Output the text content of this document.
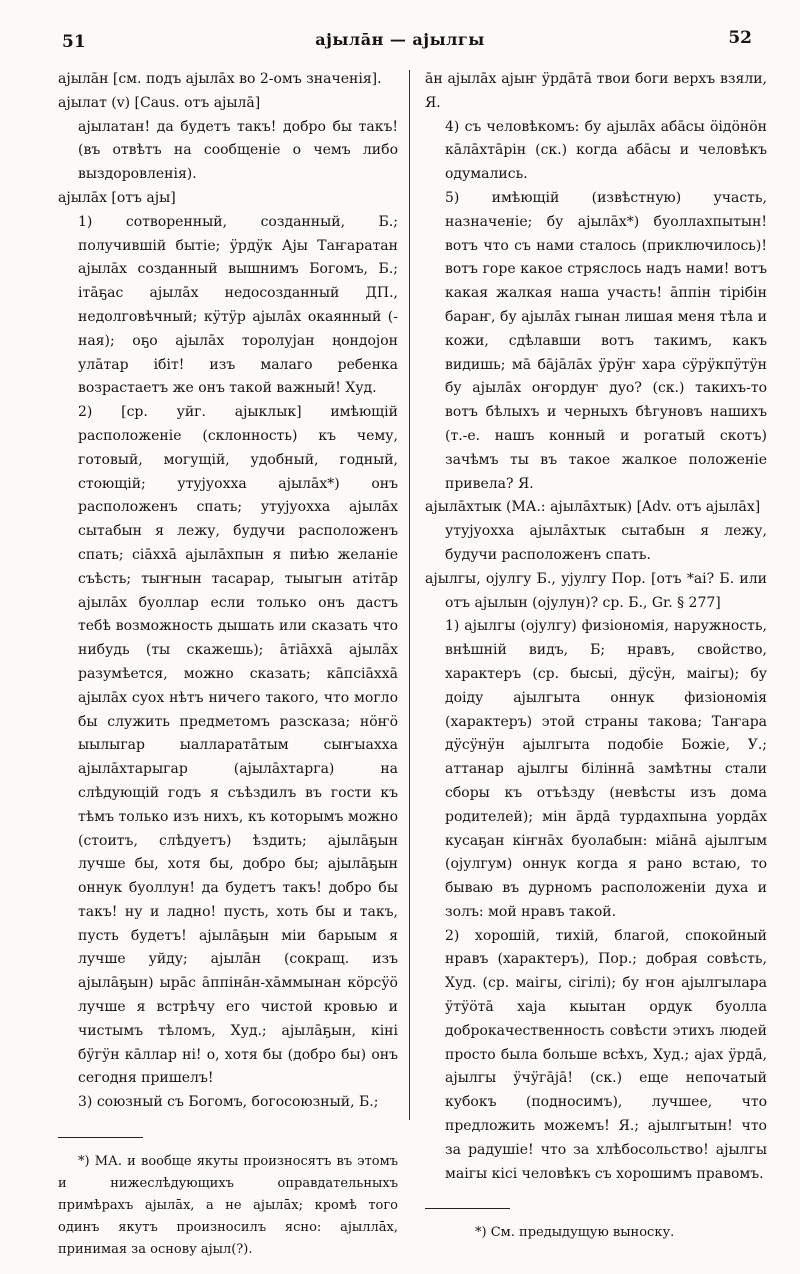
51	ајылāн — ајылгы	52

ајылāн [см. подъ ајылāх во 2-омъ значенія].

ајылат (v) [Caus. отъ ајылā]

ајылатан! да будетъ такъ! добро бы такъ! (въ отвѣтъ на сообщеніе о чемъ либо выздоровленія).

ајылāх [отъ ајы]

1) сотворенный, созданный, Б.; получившій бытіе; ӱрдӱк Ајы Таҥаратан ајылāх созданный вышнимъ Богомъ, Б.; ітāҕас ајылāх недосозданный ДП., недолговѣчный; кӱтӱр ајылāх окаянный (-ная); оҕо ајылāх торолујан ңондојон улāтар ібіт! изъ малаго ребенка возрастаетъ же онъ такой важный! Худ.

2) [ср. уйг. ајыклык] имѣющій расположеніе (склонность) къ чему, готовый, могущій, удобный, годный, стоющій; утујуохха ајылāх*) онъ расположенъ спать; утујуохха ајылāх сытабын я лежу, будучи расположенъ спать; сіāххā ајылāхпын я пиѣю желаніе съѣсть; тыҥнын тасарар, тыыгын атітāр ајылāх буоллар если только онъ дастъ тебѣ возможность дышать или сказать что нибудь (ты скажешь); āтіāххā ајылāх разумѣется, можно сказать; кāпсіāххā ајылāх суох нѣтъ ничего такого, что могло бы служить предметомъ разсказа; нӧҥӧ ыылыгар ыалларатāтым сыҥыаххa ајылāхтарыгар (ајылāхтарга) на слѣдующій годъ я съѣздилъ въ гости къ тѣмъ только изъ нихъ, къ которымъ можно (стоитъ, слѣдуетъ) ѣздить; ајылāҕын лучше бы, хотя бы, добро бы; ајылāҕын оннук буоллун! да будетъ такъ! добро бы такъ! ну и ладно! пусть, хоть бы и такъ, пусть будетъ! ајылāҕын міи барыым я лучше уйду; ајылāн (сокращ. изъ ајылāҕын) ырāс āппінāн-хāммынан кӧрсӱӧ лучше я встрѣчу его чистой кровью и чистымъ тѣломъ, Худ.; ајылāҕын, кіні бӱгӱн кāллар ні! о, хотя бы (добро бы) онъ сегодня пришелъ!

3) союзный съ Богомъ, богосоюзный, Б.;

*) МА. и вообще якуты произносятъ въ этомъ и нижеслѣдующихъ оправдательныхъ примѣрахъ ајылāх, а не ајылāх; кромѣ того одинъ якутъ произносилъ ясно: ајыллāх, принимая за основу ајыл(?).

āн ајылāх ајыҥ ӱрдāтā твои боги верхъ взяли, Я.

4) съ человѣкомъ: бу ајылāх абāсы ӧідӧнӧн кāлāхтāрін (ск.) когда абāсы и человѣкъ одумались.

5) имѣющій (извѣстную) участь, назначеніе; бу ајылāх*) буоллахпытын! вотъ что съ нами сталось (приключилось)! вотъ горе какое стряслось надъ нами! вотъ какая жалкая наша участь! āппін тірібін бараҥ, бу ајылāх гынан лишая меня тѣла и кожи, сдѣлавши вотъ такимъ, какъ видишь; мā бāјāлāх ӱрӱҥ хара сӱрӱкпӱтӱн бу ајылāх оҥордуҥ дуо? (ск.) такихъ-то вотъ бѣлыхъ и черныхъ бѣгуновъ нашихъ (т.-е. нашъ конный и рогатый скотъ) зачѣмъ ты въ такое жалкое положеніе привела? Я.

ајылāхтык (МА.: ајылāхтык) [Adv. отъ ајылāх]

утујуохха ајылāхтык сытабын я лежу, будучи расположенъ спать.

ајылгы, ојулгу Б., ујулгу Пор. [отъ *аі? Б. или отъ ајылын (ојулун)? ср. Б., Gr. § 277]

1) ајылгы (ојулгу) физіономія, наружность, внѣшній видъ, Б; нравъ, свойство, характеръ (ср. бысыі, дӱсӱн, маігы); бу доіду ајылгыта оннук физіономія (характеръ) этой страны такова; Таҥара дӱсӱнӱн ајылгыта подобіе Божіе, У.; аттанар ајылгы біліннā замѣтны стали сборы къ отъѣзду (невѣсты изъ дома родителей); мін āрдā турдахпына уордāх кусаҕан кіҥнāх буолабын: міāнā ајылгым (ојулгум) оннук когда я рано встаю, то бываю въ дурномъ расположеніи духа и золъ: мой нравъ такой.

2) хорошій, тихій, благой, спокойный нравъ (характеръ), Пор.; добрая совѣсть, Худ. (ср. маігы, сігілі); бу ҥон ајылгылара ӱтӱӧтā хаја кыытан ордук буолла доброкачественность совѣсти этихъ людей просто была больше всѣхъ, Худ.; ајах ӱрдā, ајылгы ӱчӱгāјā! (ск.) еще непочатый кубокъ (подносимъ), лучшее, что предложить можемъ! Я.; ајылгытын! что за радушіе! что за хлѣбосольство! ајылгы маігы кісі человѣкъ съ хорошимъ правомъ.

*) См. предыдущую выноску.
